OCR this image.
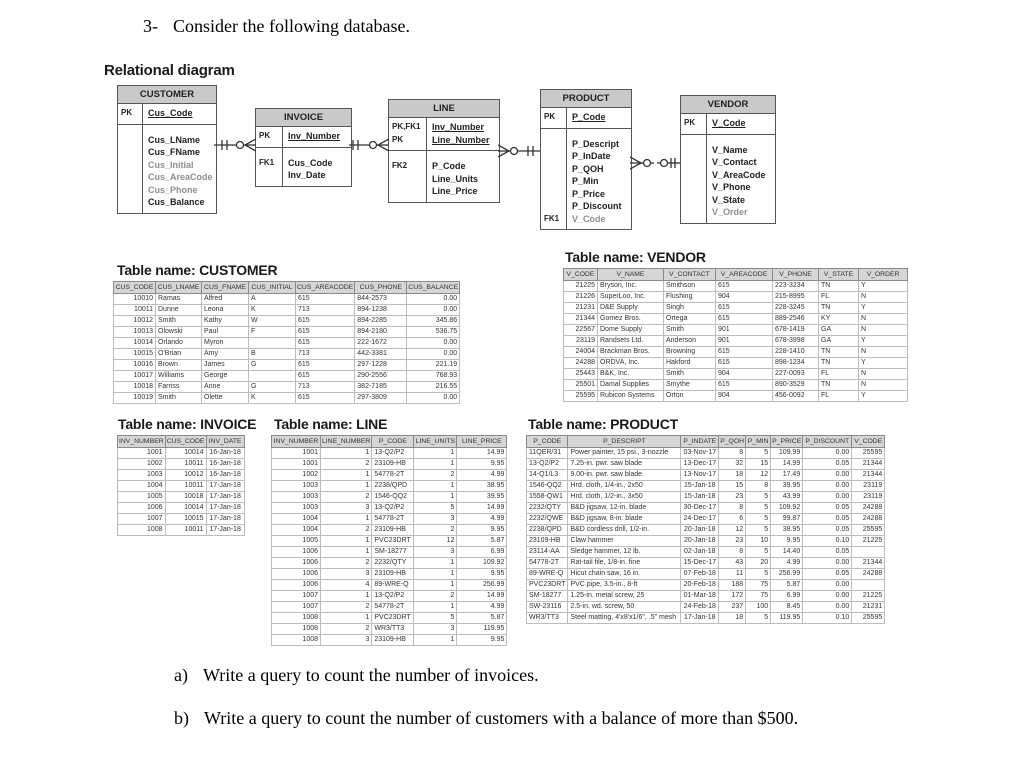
3- Consider the following database.
Relational diagram
CUSTOMER
PK	Cus_Code
Cus_LName
Cus_FName
Cus_Initial
Cus_AreaCode
Cus_Phone
Cus_Balance
INVOICE
PK	Inv_Number
FK1	Cus_Code
Inv_Date
LINE
PK,FK1	Inv_Number
PK	Line_Number
FK2	P_Code
Line_Units
Line_Price
PRODUCT
PK	P_Code
P_Descript
P_InDate
P_QOH
P_Min
P_Price
P_Discount
FK1	V_Code
VENDOR
PK	V_Code
V_Name
V_Contact
V_AreaCode
V_Phone
V_State
V_Order
Table name: CUSTOMER
Table name: VENDOR
Table name: INVOICE Table name: LINE	Table name: PRODUCT
CUS_CODE	CUS_LNAME	CUS_FNAME	CUS_INITIAL	CUS_AREACODE	CUS_PHONE	CUS_BALANCE
10010	Ramas	Alfred	A	615	844-2573	0.00
10011	Dunne	Leona	K	713	894-1238	0.00
10012	Smith	Kathy	W	615	894-2285	345.86
10013	Olowski	Paul	F	615	894-2180	536.75
10014	Orlando	Myron		615	222-1672	0.00
10015	O'Brian	Amy	B	713	442-3381	0.00
10016	Brown	James	G	615	297-1228	221.19
10017	Williams	George		615	290-2556	768.93
10018	Farriss	Anne	G	713	382-7185	216.55
10019	Smith	Olette	K	615	297-3809	0.00
V_CODE	V_NAME	V_CONTACT	V_AREACODE	V_PHONE	V_STATE	V_ORDER
21225	Bryson, Inc.	Smithson	615	223-3234	TN	Y
21226	SuperLoo, Inc.	Flushing	904	215-8995	FL	N
21231	D&E Supply	Singh	615	228-3245	TN	Y
21344	Gomez Bros.	Ortega	615	889-2546	KY	N
22567	Dome Supply	Smith	901	678-1419	GA	N
23119	Randsets Ltd.	Anderson	901	678-3998	GA	Y
24004	Brackman Bros.	Browning	615	228-1410	TN	N
24288	ORDVA, Inc.	Hakford	615	898-1234	TN	Y
25443	B&K, Inc.	Smith	904	227-0093	FL	N
25501	Damal Supplies	Smythe	615	890-3529	TN	N
25595	Rubicon Systems	Orton	904	456-0092	FL	Y
INV_NUMBER	CUS_CODE	INV_DATE
1001	10014	16-Jan-18
1002	10011	16-Jan-18
1003	10012	16-Jan-18
1004	10011	17-Jan-18
1005	10018	17-Jan-18
1006	10014	17-Jan-18
1007	10015	17-Jan-18
1008	10011	17-Jan-18
INV_NUMBER	LINE_NUMBER	P_CODE	LINE_UNITS	LINE_PRICE
1001	1	13-Q2/P2	1	14.99
1001	2	23109-HB	1	9.95
1002	1	54778-2T	2	4.99
1003	1	2238/QPD	1	38.95
1003	2	1546-QQ2	1	39.95
1003	3	13-Q2/P2	5	14.99
1004	1	54778-2T	3	4.99
1004	2	23109-HB	2	9.95
1005	1	PVC23DRT	12	5.87
1006	1	SM-18277	3	6.99
1006	2	2232/QTY	1	109.92
1006	3	23109-HB	1	9.95
1006	4	89-WRE-Q	1	256.99
1007	1	13-Q2/P2	2	14.99
1007	2	54778-2T	1	4.99
1008	1	PVC23DRT	5	5.87
1008	2	WR3/TT3	3	119.95
1008	3	23109-HB	1	9.95
P_CODE	P_DESCRIPT	P_INDATE	P_QOH	P_MIN	P_PRICE	P_DISCOUNT	V_CODE
11QER/31	Power painter, 15 psi., 3-nozzle	03-Nov-17	8	5	109.99	0.00	25595
13-Q2/P2	7.25-in. pwr. saw blade	13-Dec-17	32	15	14.99	0.05	21344
14-Q1/L3	9.00-in. pwr. saw blade	13-Nov-17	18	12	17.49	0.00	21344
1546-QQ2	Hrd. cloth, 1/4-in., 2x50	15-Jan-18	15	8	39.95	0.00	23119
1558-QW1	Hrd. cloth, 1/2-in., 3x50	15-Jan-18	23	5	43.99	0.00	23119
2232/QTY	B&D jigsaw, 12-in. blade	30-Dec-17	8	5	109.92	0.05	24288
2232/QWE	B&D jigsaw, 8-in. blade	24-Dec-17	6	5	99.87	0.05	24288
2238/QPD	B&D cordless drill, 1/2-in.	20-Jan-18	12	5	38.95	0.05	25595
23109-HB	Claw hammer	20-Jan-18	23	10	9.95	0.10	21225
23114-AA	Sledge hammer, 12 lb.	02-Jan-18	8	5	14.40	0.05	
54778-2T	Rat-tail file, 1/8-in. fine	15-Dec-17	43	20	4.99	0.00	21344
89-WRE-Q	Hicut chain saw, 16 in.	07-Feb-18	11	5	256.99	0.05	24288
PVC23DRT	PVC pipe, 3.5-in., 8-ft	20-Feb-18	188	75	5.87	0.00	
SM-18277	1.25-in. metal screw, 25	01-Mar-18	172	75	6.99	0.00	21225
SW-23116	2.5-in. wd. screw, 50	24-Feb-18	237	100	8.45	0.00	21231
WR3/TT3	Steel matting, 4'x8'x1/6", .5" mesh	17-Jan-18	18	5	119.95	0.10	25595
a) Write a query to count the number of invoices.
b) Write a query to count the number of customers with a balance of more than $500.
